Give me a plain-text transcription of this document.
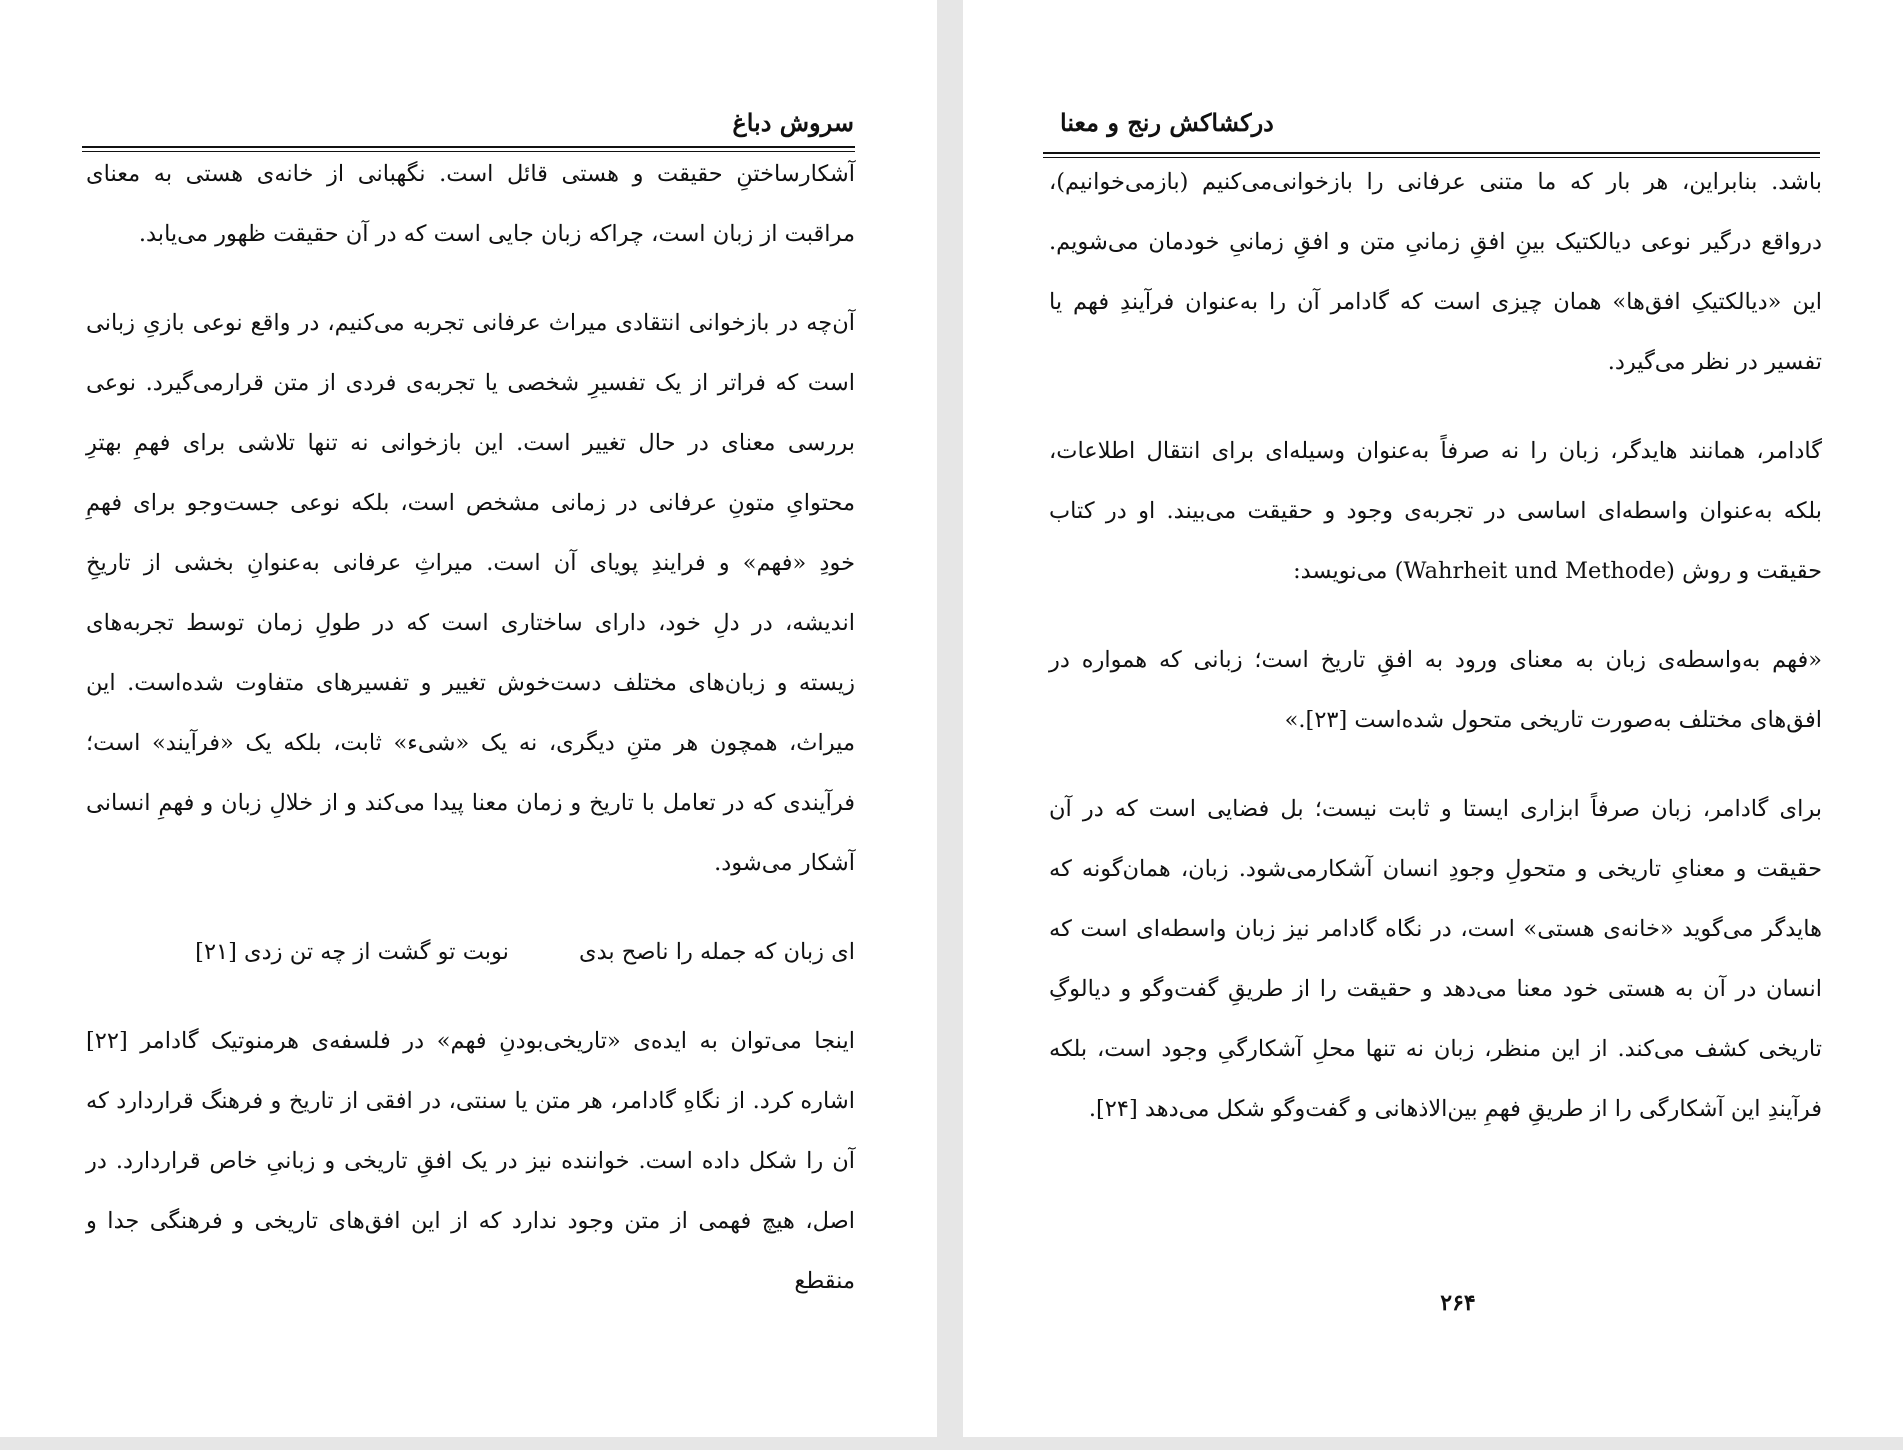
سروش دباغ

آشکارساختنِ حقیقت و هستی قائل است. نگهبانی از خانه‌ی هستی به معنای مراقبت از زبان است، چراکه زبان جایی است که در آن حقیقت ظهور می‌یابد.

آن‌چه در بازخوانی انتقادی میراث عرفانی تجربه می‌کنیم، در واقع نوعی بازیِ زبانی است که فراتر از یک تفسیرِ شخصی یا تجربه‌ی فردی از متن قرارمی‌گیرد. نوعی بررسی معنای در حال تغییر است. این بازخوانی نه تنها تلاشی برای فهمِ بهترِ محتوایِ متونِ عرفانی در زمانی مشخص است، بلکه نوعی جست‌وجو برای فهمِ خودِ «فهم» و فرایندِ پویای آن است. میراثِ عرفانی به‌عنوانِ بخشی از تاریخِ اندیشه، در دلِ خود، دارای ساختاری است که در طولِ زمان توسط تجربه‌های زیسته و زبان‌های مختلف دست‌خوش تغییر و تفسیرهای متفاوت شده‌است. این میراث، همچون هر متنِ دیگری، نه یک «شیء» ثابت، بلکه یک «فرآیند» است؛ فرآیندی که در تعامل با تاریخ و زمان معنا پیدا می‌کند و از خلالِ زبان و فهمِ انسانی آشکار می‌شود.

ای زبان که جمله را ناصح بدی
نوبت تو گشت از چه تن زدی [۲۱]

اینجا می‌توان به ایده‌ی «تاریخی‌بودنِ فهم» در فلسفه‌ی هرمنوتیک گادامر [۲۲] اشاره کرد. از نگاهِ گادامر، هر متن یا سنتی، در افقی از تاریخ و فرهنگ قراردارد که آن را شکل داده است. خواننده نیز در یک افقِ تاریخی و زبانیِ خاص قراردارد. در اصل، هیچ فهمی از متن وجود ندارد که از این افق‌های تاریخی و فرهنگی جدا و منقطع

درکشاکش رنج و معنا

باشد. بنابراین، هر بار که ما متنی عرفانی را بازخوانی‌می‌کنیم (بازمی‌خوانیم)، درواقع درگیر نوعی دیالکتیک بینِ افقِ زمانیِ متن و افقِ زمانیِ خودمان می‌شویم. این «دیالکتیکِ افق‌ها» همان چیزی است که گادامر آن را به‌عنوان فرآیندِ فهم یا تفسیر در نظر می‌گیرد.

گادامر، همانند هایدگر، زبان را نه صرفاً به‌عنوان وسیله‌ای برای انتقال اطلاعات، بلکه به‌عنوان واسطه‌ای اساسی در تجربه‌ی وجود و حقیقت می‌بیند. او در کتاب حقیقت و روش (Wahrheit und Methode) می‌نویسد:

«فهم به‌واسطه‌ی زبان به معنای ورود به افقِ تاریخ است؛ زبانی که همواره در افق‌های مختلف به‌صورت تاریخی متحول شده‌است [۲۳].»

برای گادامر، زبان صرفاً ابزاری ایستا و ثابت نیست؛ بل فضایی است که در آن حقیقت و معنایِ تاریخی و متحولِ وجودِ انسان آشکارمی‌شود. زبان، همان‌گونه که هایدگر می‌گوید «خانه‌ی هستی» است، در نگاه گادامر نیز زبان واسطه‌ای است که انسان در آن به هستی خود معنا می‌دهد و حقیقت را از طریقِ گفت‌وگو و دیالوگِ تاریخی کشف می‌کند. از این منظر، زبان نه تنها محلِ آشکارگیِ وجود است، بلکه فرآیندِ این آشکارگی را از طریقِ فهمِ بین‌الاذهانی و گفت‌وگو شکل می‌دهد [۲۴].

۲۶۴
